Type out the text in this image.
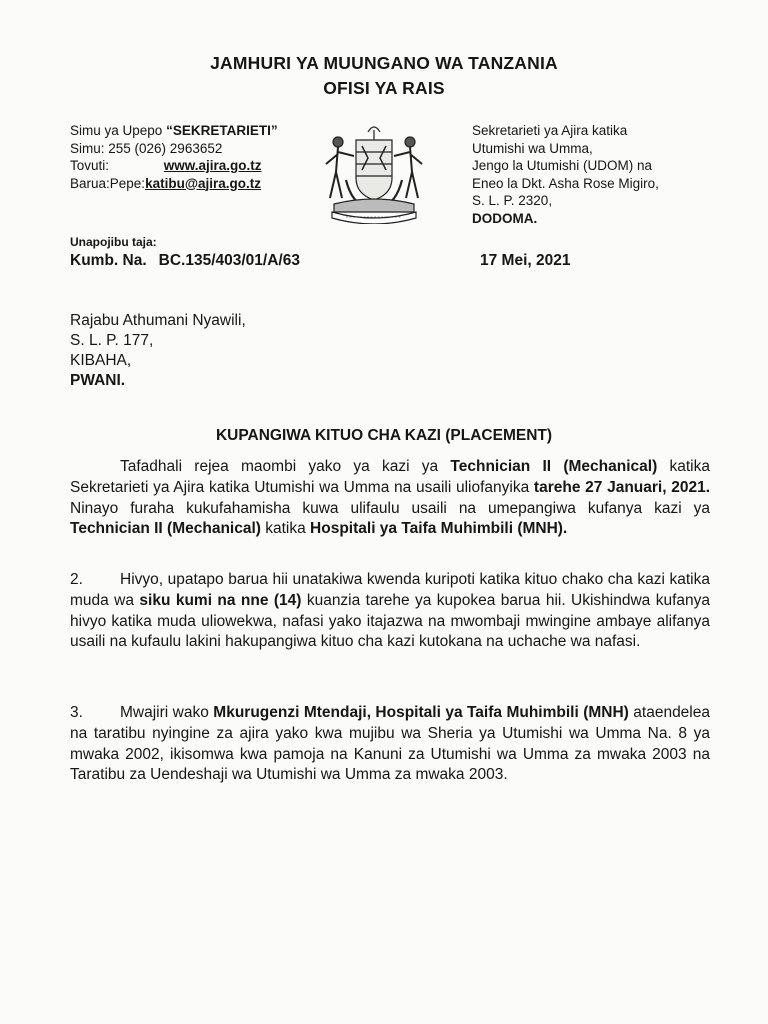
JAMHURI YA MUUNGANO WA TANZANIA
OFISI YA RAIS
Simu ya Upepo “SEKRETARIETI”
Simu: 255 (026) 2963652
Tovuti:	www.ajira.go.tz
Barua:Pepe:katibu@ajira.go.tz
Sekretarieti ya Ajira katika
Utumishi wa Umma,
Jengo la Utumishi (UDOM) na
Eneo la Dkt. Asha Rose Migiro,
S. L. P. 2320,
DODOMA.
Unapojibu taja:
Kumb. Na. BC.135/403/01/A/63	17 Mei, 2021
Rajabu Athumani Nyawili,
S. L. P. 177,
KIBAHA,
PWANI.
KUPANGIWA KITUO CHA KAZI (PLACEMENT)
Tafadhali rejea maombi yako ya kazi ya Technician II (Mechanical) katika Sekretarieti ya Ajira katika Utumishi wa Umma na usaili uliofanyika tarehe 27 Januari, 2021. Ninayo furaha kukufahamisha kuwa ulifaulu usaili na umepangiwa kufanya kazi ya Technician II (Mechanical) katika Hospitali ya Taifa Muhimbili (MNH).
2. Hivyo, upatapo barua hii unatakiwa kwenda kuripoti katika kituo chako cha kazi katika muda wa siku kumi na nne (14) kuanzia tarehe ya kupokea barua hii. Ukishindwa kufanya hivyo katika muda uliowekwa, nafasi yako itajazwa na mwombaji mwingine ambaye alifanya usaili na kufaulu lakini hakupangiwa kituo cha kazi kutokana na uchache wa nafasi.
3. Mwajiri wako Mkurugenzi Mtendaji, Hospitali ya Taifa Muhimbili (MNH) ataendelea na taratibu nyingine za ajira yako kwa mujibu wa Sheria ya Utumishi wa Umma Na. 8 ya mwaka 2002, ikisomwa kwa pamoja na Kanuni za Utumishi wa Umma za mwaka 2003 na Taratibu za Uendeshaji wa Utumishi wa Umma za mwaka 2003.
